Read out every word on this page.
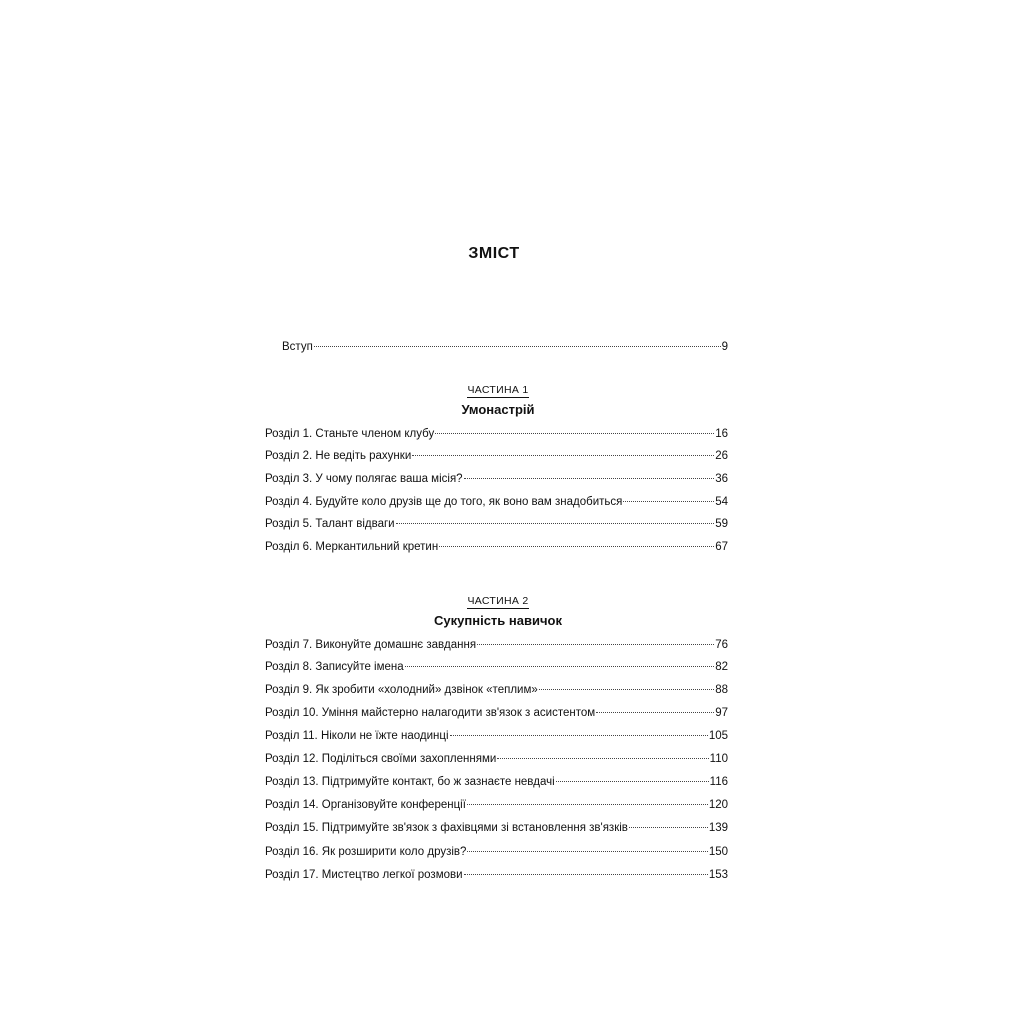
ЗМІСТ
Вступ	9
ЧАСТИНА 1
Умонастрій
Розділ 1. Станьте членом клубу	16
Розділ 2. Не ведіть рахунки	26
Розділ 3. У чому полягає ваша місія?	36
Розділ 4. Будуйте коло друзів ще до того, як воно вам знадобиться	54
Розділ 5. Талант відваги	59
Розділ 6. Меркантильний кретин	67
ЧАСТИНА 2
Сукупність навичок
Розділ 7. Виконуйте домашнє завдання	76
Розділ 8. Записуйте імена	82
Розділ 9. Як зробити «холодний» дзвінок «теплим»	88
Розділ 10. Уміння майстерно налагодити зв'язок з асистентом	97
Розділ 11. Ніколи не їжте наодинці	105
Розділ 12. Поділіться своїми захопленнями	110
Розділ 13. Підтримуйте контакт, бо ж зазнаєте невдачі	116
Розділ 14. Організовуйте конференції	120
Розділ 15. Підтримуйте зв'язок з фахівцями зі встановлення зв'язків	139
Розділ 16. Як розширити коло друзів?	150
Розділ 17. Мистецтво легкої розмови	153
